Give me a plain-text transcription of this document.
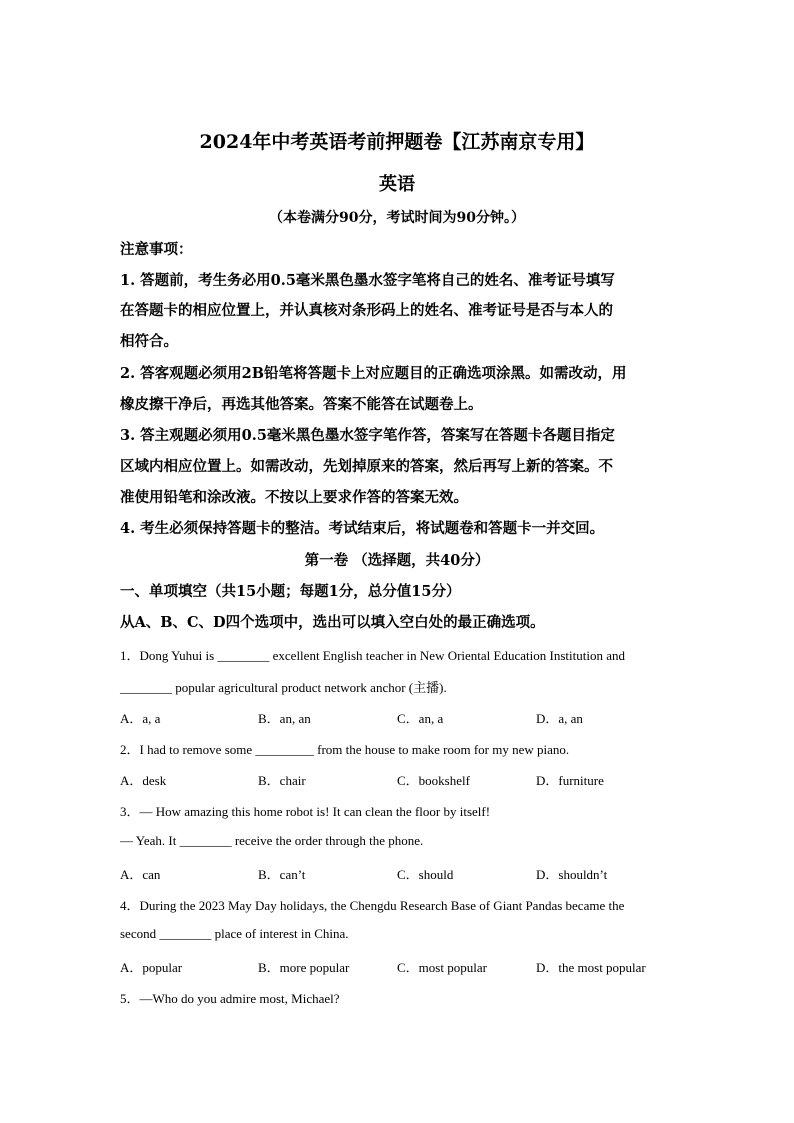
2024年中考英语考前押题卷【江苏南京专用】
英语
（本卷满分90分，考试时间为90分钟。）
注意事项：
1. 答题前，考生务必用0.5毫米黑色墨水签字笔将自己的姓名、准考证号填写
在答题卡的相应位置上，并认真核对条形码上的姓名、准考证号是否与本人的
相符合。
2. 答客观题必须用2B铅笔将答题卡上对应题目的正确选项涂黑。如需改动，用
橡皮擦干净后，再选其他答案。答案不能答在试题卷上。
3. 答主观题必须用0.5毫米黑色墨水签字笔作答，答案写在答题卡各题目指定
区域内相应位置上。如需改动，先划掉原来的答案，然后再写上新的答案。不
准使用铅笔和涂改液。不按以上要求作答的答案无效。
4. 考生必须保持答题卡的整洁。考试结束后，将试题卷和答题卡一并交回。
第一卷 （选择题，共40分）
一、单项填空（共15小题；每题1分，总分值15分）
从A、B、C、D四个选项中，选出可以填入空白处的最正确选项。
1．Dong Yuhui is ________ excellent English teacher in New Oriental Education Institution and
________ popular agricultural product network anchor (主播).
A．a, a	B．an, an	C．an, a	D．a, an
2．I had to remove some _________ from the house to make room for my new piano.
A．desk	B．chair	C．bookshelf	D．furniture
3．— How amazing this home robot is! It can clean the floor by itself!
— Yeah. It ________ receive the order through the phone.
A．can	B．can’t	C．should	D．shouldn’t
4．During the 2023 May Day holidays, the Chengdu Research Base of Giant Pandas became the
second ________ place of interest in China.
A．popular	B．more popular	C．most popular	D．the most popular
5．—Who do you admire most, Michael?
